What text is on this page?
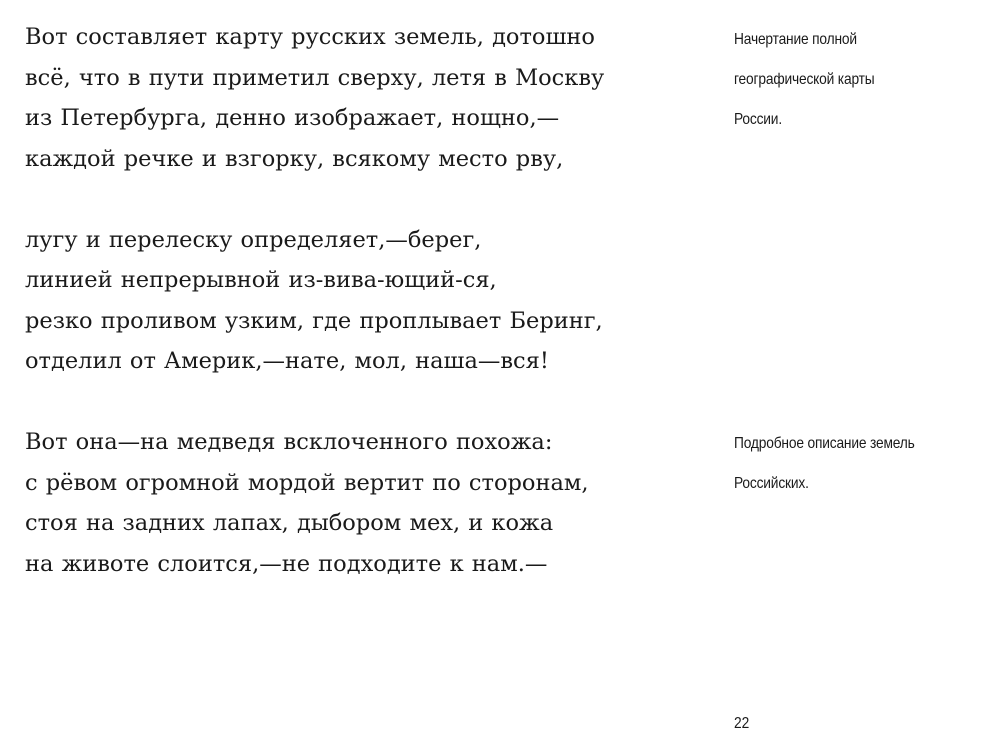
Вот составляет карту русских земель, дотошно
всё, что в пути приметил сверху, летя в Москву
из Петербурга, денно изображает, нощно,—
каждой речке и взгорку, всякому место рву,

лугу и перелеску определяет,—берег,
линией непрерывной из-вива-ющий-ся,
резко проливом узким, где проплывает Беринг,
отделил от Америк,—нате, мол, наша—вся!

Вот она—на медведя всклоченного похожа:
с рёвом огромной мордой вертит по сторонам,
стоя на задних лапах, дыбором мех, и кожа
на животе слоится,—не подходите к нам.—

Начертание полной
географической карты
России.
Подробное описание земель
Российских.
22
